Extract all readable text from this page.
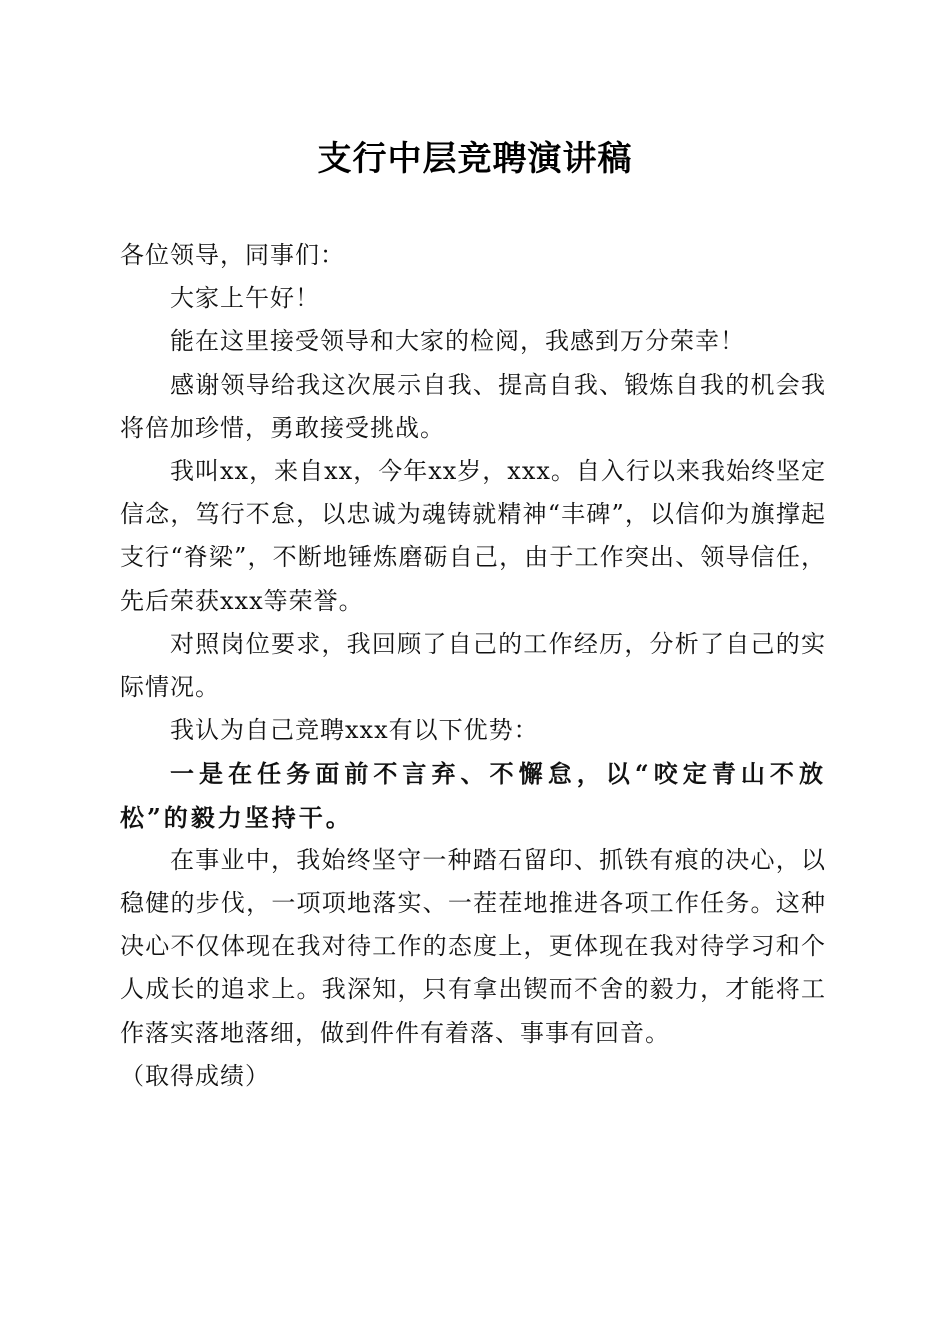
支行中层竞聘演讲稿

各位领导，同事们：

大家上午好！

能在这里接受领导和大家的检阅，我感到万分荣幸！

感谢领导给我这次展示自我、提高自我、锻炼自我的机会我将倍加珍惜，勇敢接受挑战。

我叫xx，来自xx，今年xx岁，xxx。自入行以来我始终坚定信念，笃行不怠，以忠诚为魂铸就精神“丰碑”，以信仰为旗撑起支行“脊梁”，不断地锤炼磨砺自己，由于工作突出、领导信任，先后荣获xxx等荣誉。

对照岗位要求，我回顾了自己的工作经历，分析了自己的实际情况。

我认为自己竞聘xxx有以下优势：

一是在任务面前不言弃、不懈怠，以“咬定青山不放松”的毅力坚持干。

在事业中，我始终坚守一种踏石留印、抓铁有痕的决心，以稳健的步伐，一项项地落实、一茬茬地推进各项工作任务。这种决心不仅体现在我对待工作的态度上，更体现在我对待学习和个人成长的追求上。我深知，只有拿出锲而不舍的毅力，才能将工作落实落地落细，做到件件有着落、事事有回音。

（取得成绩）
